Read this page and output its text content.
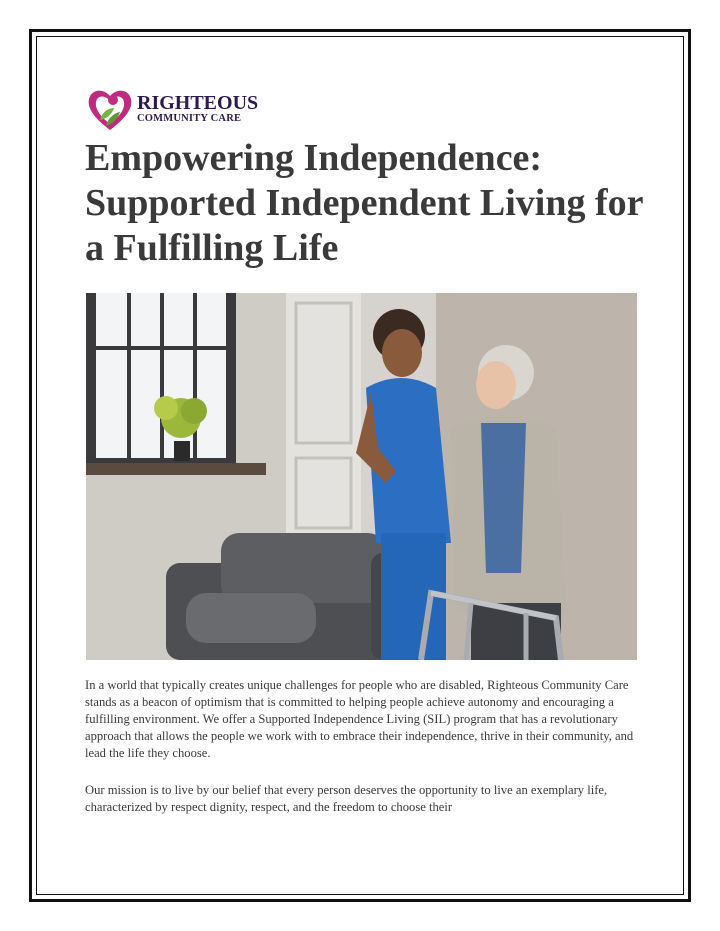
RIGHTEOUS
COMMUNITY CARE
Empowering Independence: Supported Independent Living for a Fulfilling Life

In a world that typically creates unique challenges for people who are disabled, Righteous Community Care stands as a beacon of optimism that is committed to helping people achieve autonomy and encouraging a fulfilling environment. We offer a Supported Independence Living (SIL) program that has a revolutionary approach that allows the people we work with to embrace their independence, thrive in their community, and lead the life they choose.

Our mission is to live by our belief that every person deserves the opportunity to live an exemplary life, characterized by respect dignity, respect, and the freedom to choose their
